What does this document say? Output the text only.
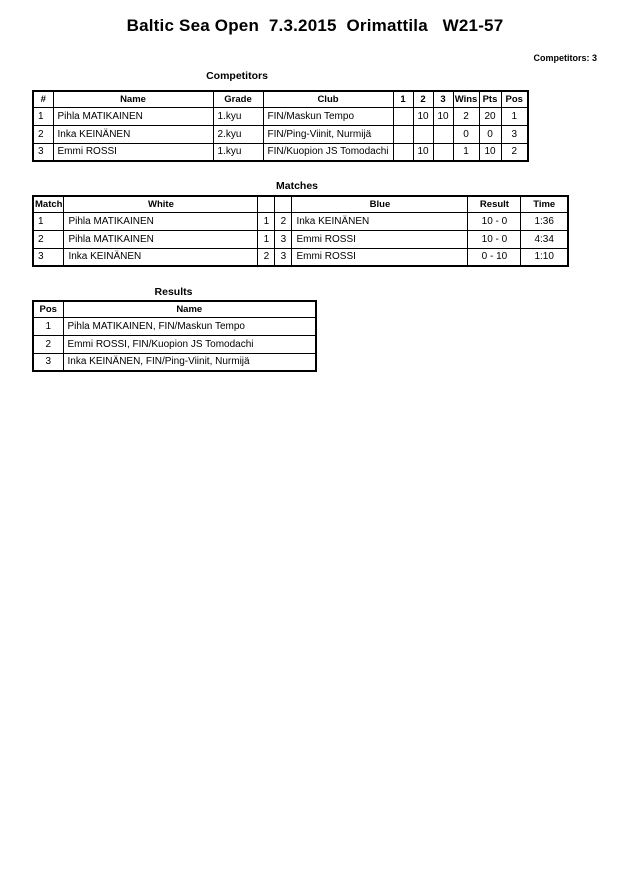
Baltic Sea Open  7.3.2015  Orimattila   W21-57
Competitors: 3
Competitors
#	Name	Grade	Club	1	2	3	Wins	Pts	Pos
1	Pihla MATIKAINEN	1.kyu	FIN/Maskun Tempo		10	10	2	20	1
2	Inka KEINÄNEN	2.kyu	FIN/Ping-Viinit, Nurmijä				0	0	3
3	Emmi ROSSI	1.kyu	FIN/Kuopion JS Tomodachi		10		1	10	2
Matches
Match	White			Blue	Result	Time
1	Pihla MATIKAINEN	1	2	Inka KEINÄNEN	10 - 0	1:36
2	Pihla MATIKAINEN	1	3	Emmi ROSSI	10 - 0	4:34
3	Inka KEINÄNEN	2	3	Emmi ROSSI	0 - 10	1:10
Results
Pos	Name
1	Pihla MATIKAINEN, FIN/Maskun Tempo
2	Emmi ROSSI, FIN/Kuopion JS Tomodachi
3	Inka KEINÄNEN, FIN/Ping-Viinit, Nurmijä
